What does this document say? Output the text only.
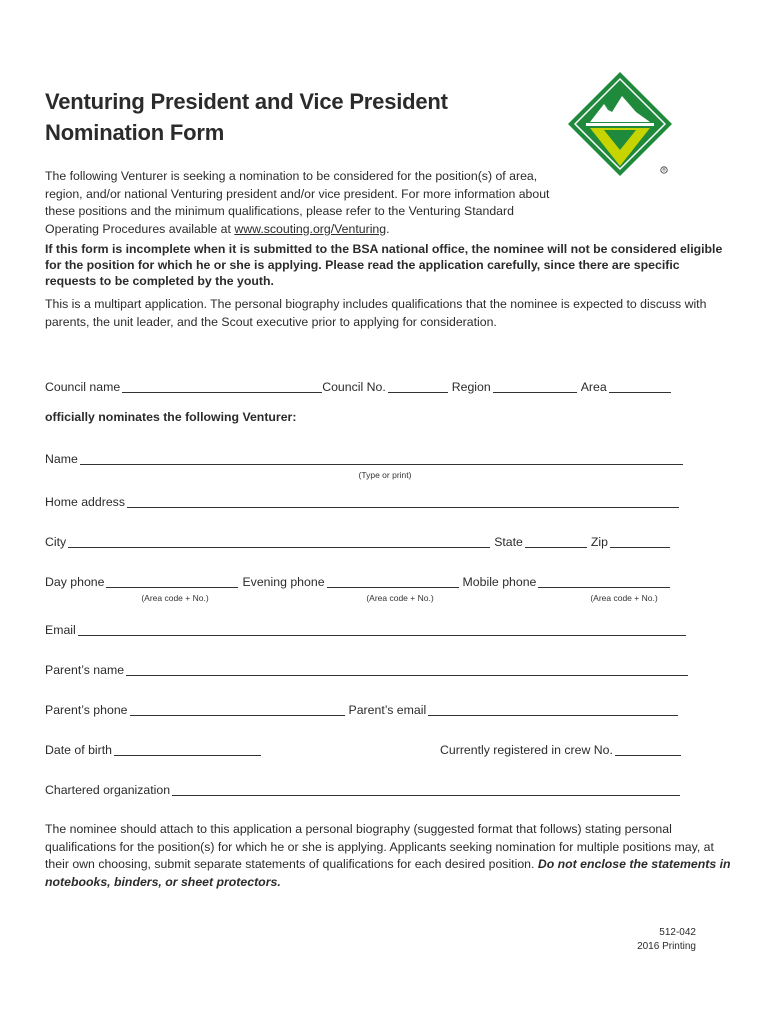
Venturing President and Vice President
Nomination Form
®

The following Venturer is seeking a nomination to be considered for the position(s) of area, region, and/or national Venturing president and/or vice president. For more information about these positions and the minimum qualifications, please refer to the Venturing Standard Operating Procedures available at www.scouting.org/Venturing.

If this form is incomplete when it is submitted to the BSA national office, the nominee will not be considered eligible for the position for which he or she is applying. Please read the application carefully, since there are specific requests to be completed by the youth.

This is a multipart application. The personal biography includes qualifications that the nominee is expected to discuss with parents, the unit leader, and the Scout executive prior to applying for consideration.

Council name	Council No.	Region	Area

officially nominates the following Venturer:

Name
(Type or print)
Home address
City	State	Zip
Day phone	Evening phone	Mobile phone
(Area code + No.)	(Area code + No.)	(Area code + No.)
Email
Parent’s name
Parent’s phone	Parent’s email
Date of birth	Currently registered in crew No.
Chartered organization

The nominee should attach to this application a personal biography (suggested format that follows) stating personal qualifications for the position(s) for which he or she is applying. Applicants seeking nomination for multiple positions may, at their own choosing, submit separate statements of qualifications for each desired position. Do not enclose the statements in notebooks, binders, or sheet protectors.

512-042
2016 Printing
